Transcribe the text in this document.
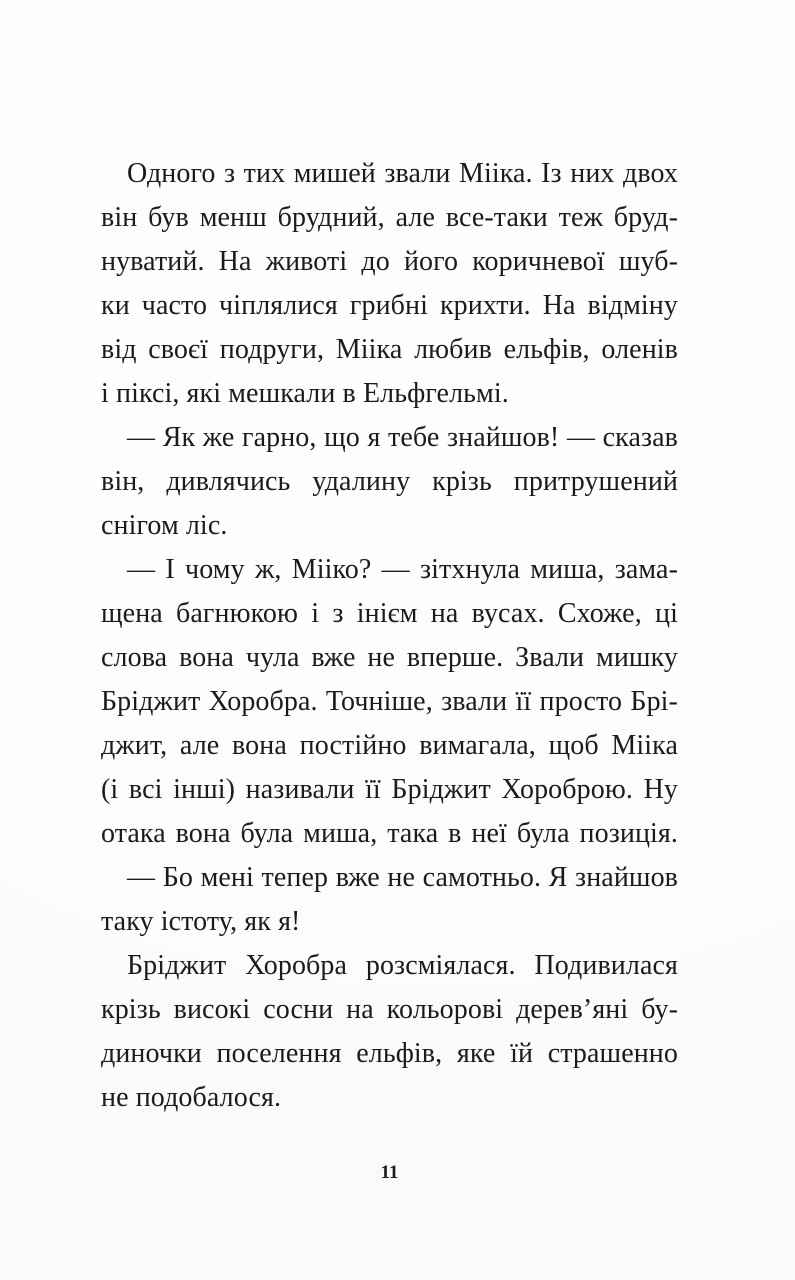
Одного з тих мишей звали Мііка. Із них двох
він був менш брудний, але все-таки теж бруд-
нуватий. На животі до його коричневої шуб-
ки часто чіплялися грибні крихти. На відміну
від своєї подруги, Мііка любив ельфів, оленів
і піксі, які мешкали в Ельфгельмі.

— Як же гарно, що я тебе знайшов! — сказав
він, дивлячись удалину крізь притрушений
снігом ліс.

— І чому ж, Мііко? — зітхнула миша, зама-
щена багнюкою і з інієм на вусах. Схоже, ці
слова вона чула вже не вперше. Звали мишку
Бріджит Хоробра. Точніше, звали її просто Брі-
джит, але вона постійно вимагала, щоб Мііка
(і всі інші) називали її Бріджит Хороброю. Ну
отака вона була миша, така в неї була позиція.

— Бо мені тепер вже не самотньо. Я знайшов
таку істоту, як я!

Бріджит Хоробра розсміялася. Подивилася
крізь високі сосни на кольорові дерев’яні бу-
диночки поселення ельфів, яке їй страшенно
не подобалося.

11
